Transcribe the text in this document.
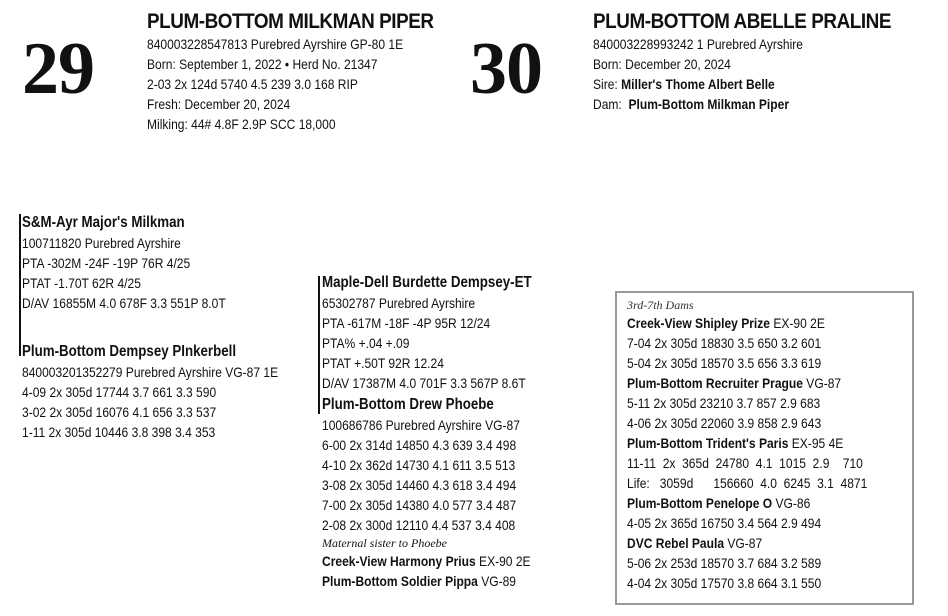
29
PLUM-BOTTOM MILKMAN PIPER
840003228547813 Purebred Ayrshire GP-80 1E
Born: September 1, 2022 • Herd No. 21347
2-03 2x 124d 5740 4.5 239 3.0 168 RIP
Fresh: December 20, 2024
Milking: 44# 4.8F 2.9P SCC 18,000
30
PLUM-BOTTOM ABELLE PRALINE
840003228993242 1 Purebred Ayrshire
Born: December 20, 2024
Sire: Miller's Thome Albert Belle
Dam: Plum-Bottom Milkman Piper
S&M-Ayr Major's Milkman
100711820 Purebred Ayrshire
PTA -302M -24F -19P 76R 4/25
PTAT -1.70T 62R 4/25
D/AV 16855M 4.0 678F 3.3 551P 8.0T
Plum-Bottom Dempsey PInkerbell
840003201352279 Purebred Ayrshire VG-87 1E
4-09 2x 305d 17744 3.7 661 3.3 590
3-02 2x 305d 16076 4.1 656 3.3 537
1-11 2x 305d 10446 3.8 398 3.4 353
Maple-Dell Burdette Dempsey-ET
65302787 Purebred Ayrshire
PTA -617M -18F -4P 95R 12/24
PTA% +.04 +.09
PTAT +.50T 92R 12.24
D/AV 17387M 4.0 701F 3.3 567P 8.6T
Plum-Bottom Drew Phoebe
100686786 Purebred Ayrshire VG-87
6-00 2x 314d 14850 4.3 639 3.4 498
4-10 2x 362d 14730 4.1 611 3.5 513
3-08 2x 305d 14460 4.3 618 3.4 494
7-00 2x 305d 14380 4.0 577 3.4 487
2-08 2x 300d 12110 4.4 537 3.4 408
Maternal sister to Phoebe
Creek-View Harmony Prius EX-90 2E
Plum-Bottom Soldier Pippa VG-89
3rd-7th Dams
Creek-View Shipley Prize EX-90 2E
7-04 2x 305d 18830 3.5 650 3.2 601
5-04 2x 305d 18570 3.5 656 3.3 619
Plum-Bottom Recruiter Prague VG-87
5-11 2x 305d 23210 3.7 857 2.9 683
4-06 2x 305d 22060 3.9 858 2.9 643
Plum-Bottom Trident's Paris EX-95 4E
11-11  2x  365d  24780  4.1  1015  2.9    710
Life:   3059d      156660  4.0  6245  3.1  4871
Plum-Bottom Penelope O VG-86
4-05 2x 365d 16750 3.4 564 2.9 494
DVC Rebel Paula VG-87
5-06 2x 253d 18570 3.7 684 3.2 589
4-04 2x 305d 17570 3.8 664 3.1 550
